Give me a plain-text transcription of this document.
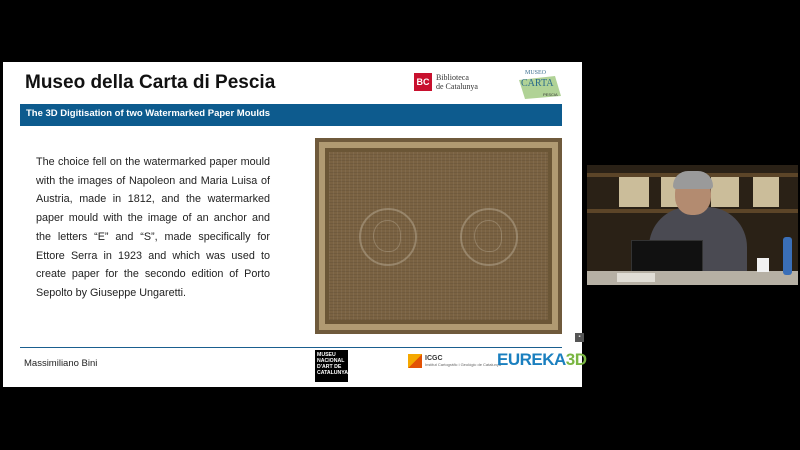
Museo della Carta di Pescia	BC Biblioteca
de Catalunya
MUSEO
CARTA
PESCIA
The 3D Digitisation of two Watermarked Paper Moulds
The choice fell on the watermarked paper mould with the images of Napoleon and Maria Luisa of Austria, made in 1812, and the watermarked paper mould with the image of an anchor and the letters “E” and “S”, made specifically for Ettore Serra in 1923 and which was used to create paper for the secondo edition of Porto Sepolto by Giuseppe Ungaretti.
Massimiliano Bini
MUSEU NACIONAL D'ART DE CATALUNYA
ICGC
Institut Cartogràfic i Geològic de Catalunya
EUREKA3D
▪
